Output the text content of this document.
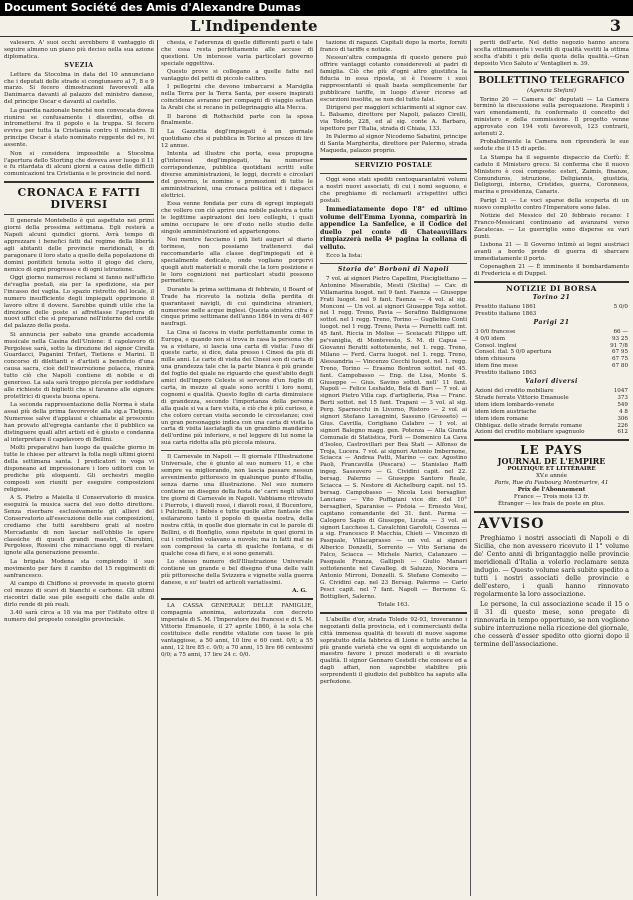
Document Société des Amis d'Alexandre Dumas
L'Indipendente	3

valesero. A' suoi occhi avrebbero il vantaggio di seguire almeno un piano più deciso nella sua azione diplomatica.

SVEZIA

Lettere da Stocolma in data del 10 annunciano che i deputati delle strade si congiunsero al 7, 8 e 9 marzo. Si fecero dimostrazioni favorevoli alla Danimarca davanti al palazzo del ministro danese, del principe Oscar e davanti al castello.

La guardia nazionale benché non convocata dovea riunirsi se confusamente i disordini, offse di intromettersi fra il popolo e la truppa. Si fecero evviva per tutta la Cristiania contro il ministro. Il principe Oscar è stato nominato reggente del re, ivi assente.

Non si considera impossibile a Stocolma l'apertura dello Storting che doveva aver luogo il 11 e fu ritardata di alcuni giorni a causa delle difficili comunicazioni tra Cristiania e le provincie del nord.

CRONACA E FATTI DIVERSI

Il generale Montebello è qui aspettato nei primi giorni della prossima settimana. Egli resterà a Napoli alcuni quindici giorni. Avrà tempo di apprezzare i benefici fatti dal regime della libertà agli abitanti delle provincie meridionali, e di paragonare il loro stato a quello della popolazione di domini pontificii tenuta sotto il giogo del clero, nemico di ogni progresso e di ogni istruzione.

Oggi giorno numerosi reclami si fanno nell'ufficio de'vaglia postali, sia per la spedizione, sia per l'incasso dei vaglia. Lo spazio ristretto del locale, il numero insufficiente degli impiegati opprimono il lavoro oltre il dovere. Sarebbe quindi utile che la direzione delle poste si affrettasse l'apertura di nuovi uffici che si preparano nell'interno del cortile del palazzo della posta.

Si annuncia per sabato una grande accademia musicale nella Casina dell'Unione: il capolavoro di Pergolese sarà, sotto la direzione del signor Cirella Guardacci, Paganini Trifari, Tietiens e Marini. Il concorso di dilettanti e d'artisti a beneficio d'una causa sacra, cioè dell'insurrezione polacca, riunirà tutto ciò che Napoli contiene di nobile e di generoso. La sala sarà troppo piccola per soddisfare alle richieste di biglietti che si faranno alle signore protettrici di questa buona opera.

La seconda rappresentazione della Norma è stata assai più della prima favorevole alla sig.a Tietjens. Numerose salve d'applausi e chiamate al proscenio han provato all'egregia cantante che il pubblico sa distinguere quali altri artisti ed è giusto e condanna al interpretare il capolavoro di Bellini.

Molti preparativi han luogo da qualche giorno in tutte le chiese per attrarvi la folla negli ultimi giorni della settimana santa. I predicatori in voga vi disponeano ad impressionare i loro uditorii con le prediche più eloquenti. Gli orchestri meglio composti son riuniti per eseguire composizioni religiose.

A S. Pietro a Maiella il Conservatorio di musica eseguirà la musica sacra del suo dotto direttore. Senza riserbare esclusivamente gli allievi del Conservatorio all'esecuzione delle sue composizioni, crediamo che tutti sarebbero grati al nostro Mercadante di non lasciar nell'obblio le opere classiche di questi grandi maestri, Cherubini, Pergolese, Rossini che minacciano oggi di restare ignote alla generazione presente.

La brigata Modena sta compiendo il suo movimento per fare il cambio del 15 reggimenti di sanfrancesco.

Al campo di Chiffono si provvede in questo giorni col mezzo di scavi di bianchi e carbone. Gli ultimi riscontri dalle sue pile eseguiti che dalle aule di dirlo rende di più reali.

3.40 sarà circa a 18 via ma per l'istituto oltre il numero del proposto consiglio provinciale.

chesia, e l'aderenza di quelle differenti parti è tale che essa resta perfettamente alle accuse di questioni. Un interesse varia particolari governo speciale oggettiva.

Questo prove si collegano a quelle fatte nel vantaggio del petti di piccolo calibro.

I pellegrini che devono imbarcarsi a Marsiglia nella Terra per la Terra Santa, per essere inspirati coincidenze avranno per compagni di viaggio settan la Arabi che si recano in pellegrinaggio alla Mecca.

Il barone di Rothschild parte con la sposa finalmente.

La Gazzetta degl'impiegati è un giornale quotidiano che si pubblica in Torino al prezzo di lire 12 annue.

Intenta ad illustre che porta, essa propugna gl'interessi degl'impiegati, ha numerose corrispondenze, pubblica quotidiani scritti sulle diverse amministrazioni, le leggi, decreti e circolari del governo, le nomine e promozioni di tutte le amministrazioni, una cronaca politica ed i dispacci elettrici.

Essa venne fondata per cura di egregi impiegati che vollero con ciò aprire una nobile palestra a tutte le legittime aspirazioni dei loro colleghi, i quali amino occupare le ore d'ozio nello studio delle singole amministrazioni ed appartengono.

Noi mentre facciamo i più lieti auguri al diario torinese, non possiamo trattenerci dal raccomandarlo alla classe degl'impiegati ed è specialmente dedicato, onde vogliano porgervi quegli aiuti materiali e morali che la loro posizione e le loro cognizioni nei particolari studii possono permettere.

Durante la prima settimana di febbraio, il Board of Trade ha ricevuto la notizia della perdita di quarantasei navigli, di cui quindicina stranieri, numerose nelle acque inglesi. Questa sinistra cifra è cinque prime settimane dell'anno 1864 in vera di 467 naufragi.

La Cina si faceva in visite perfettamente come in Europa, e quando non si trova in casa la persona che va a visitare, si lascia una carta di visita: l'uso di queste carte, si dice, data presso i Cinesi da più di mille anni. Le carte di visita dei Cinesi son di carta di una grandezza tale che la parte bianca è più grande del foglio del quale ne riguardo che quest'abito degli amici dell'impero Celeste si servono d'un foglio di carta, in mezzo al quale sono scritti i loro nomi, cognomi e qualità. Questo foglio di carta diminuisce di grandezza, secondo l'importanza della persona alla quale si va a fare visita, e ciò che è più curioso, è che coloro cercan visita secondo le circostanze; così un gran personaggio indica con una carta di visita la carta di visita lasciatagli da un grandino mandarino dell'ordine più inferiore, e nel leggere di lui nome la sua carta ridotta alla più piccola misura.

Il Carnevale in Napoli — Il giornale l'Illustrazione Universale, che è giunto al suo numero 11, e che sempre va migliorando, non lascia passare nessun avvenimento pittoresco in qualunque punto d'Italia, senza darne una illustrazione. Nel suo numero contiene un disegno della festa de' carri negli ultimi tre giorni di Carnevale in Napoli. Vabbiamo ritrovato i Pierrots, i diavoli rossi, i diavoli rossi, il Bucentoro, i Pulcinelli, i Bébés e tutte quelle altre fantasie che esilararono tanto il popolo di questa nostra, della nostra città, in quelle due giornate in cui le parole di Bellini, o di Bonfiglio, sono ripetute in quei giorni in cui i corbellini volavano a nuvole; ma in fatti mal ne son compressi la carta di qualche fontana, e di qualche cosa di fare, e si sono generati.

Lo stesso numero dell'Illustrazione Universale contiene un grande e bel disegno d'una delle valli più pittoresche della Svizzera e vignette sulla guerra danese, e su' teatri ed articoli variatissimi.

A. G.

LA CASSA GENERALE DELLE FAMIGLIE, compagnia anonima, autorizzata con decreto imperiale di S. M. l'Imperatore dei francesi e di S. M. Vittorio Emanuele, il 27 aprile 1860, è la sola che costituisce delle rendite vitalizie con tasse le più vantaggiose, a 50 anni, 10 lire e 60 cent. 0/0; a 55 anni, 12 lire 85 c. 0/0; a 70 anni, 15 lire 66 centesimi 0/0; a 75 anni, 17 lire 24 c. 0/0.

tazione di ragazzi. Capitali dopo la morte, forniti franco di tariffe e notizie.

Nessun'altra compagnia di questo genere può offrire vantaggi cotanto considerevoli ai padri di famiglia. Ciò che più d'ogni altro giustifica la fiducia in essa riposta, si è l'essere i suoi rappresentanti sì quali basta semplicemente far pubblicare tariffe, in luogo d'aver ricorso ad escurzioni insolite, se non del tutto falsi.

Dirigersi per maggiori schiarimenti al signor cav. L. Balsamo, direttore per Napoli, palazzo Cirelli, via Toledo, 228, ed al sig. conte A. Barbaro, ispettore per l'Italia, strada di Chiaia, 133.

In Palermo al signor Nicodemo Sabatini, principe di Santa Margherita, direttore per Palermo, strada Maqueda, palazzo proprio.

SERVIZIO POSTALE

Oggi sono stati spediti centoquarantatré volumi a nostri nuovi associati, di cui i nomi seguono, e che preghiamo di reclamarli a'rispettivi uffici postali.

Immediatamente dopo l'8° ed ultimo volume dell'Emma Lyonna, comparirà in appendice La Sanfelice, e il Codice del duello pel conte di Chateauvillars rimpiazzerà nella 4ª pagina la collana di velluto.

Ecco la lista:

Storia de' Borboni di Napoli

7 vol. ai signori Pietro Capellini, Piscigliettano — Antonino Miserabile, Mesti (Sicilia) — Cav. di Villamarina luogot. nel 9 fant. Faenza — Giuseppe Frati luogot. nel 9 fant. Faenza — 4 vol. al sig. Monconi — Un vol. ai signori Giuseppe Toja sottot. nel 1 regg. Treno, Pavia — Serafino Baldignuone sottot. nel 1 regg. Treno, Torino — Guglielmo Conti luogot. nel 1 regg. Treno, Pavia — Pernetti caff. int. 45 fant. Riccia in Molise — Sceiacati Filippo uff. pe'vaniglia, di Montevesto, S. M. di Capua — Giovanni Beratti sottotenente, nel 1. regg. Treno, Milano — Ferd. Carra luogot. nel 1. regg. Treno, Alessandria — Vincenzo Cecchi luogot. nel 1. regg. Treno, Torino — Erasmo Bontron sottot. nel 45. fant. Campobasso — Eng. de Lisa, Monte S. Giuseppe — Gius. Savino sottot. nell' 11 fant. Napoli — Felice Leshaldo, Bela di Bari — 7 vol. ai signori Pietro Villa cap. d'artiglieria, Pisa — Franc. Berti sottot. nel 15 fant. Trapani — 3 vol. al sig. Perg. Sparnocchi in Livorno, Ristoro — 2 vol. ai signori Stefano Lavagnini, Sassuno (Grosseto) — Gius. Cavrilla, Corigliano Calabro — 1 vol. ai signori Balegno magg. gen. Potenza — Alla Giunta Comunale di Statistica, Forlì — Domenico La Cava d'Isoleo, Castrovillari per Bea Stati — Alfonso de Troja, Lucera. 7 vol. ai signori Antonio Imbernone, Sciacca — Andrea Patti, Marino — cav. Agostino Paoli, Francavilla (Pescara) — Stanislao Raffi ingeg. Sassuvero — G. Cividini capit. nel 22. bersag. Palermo — Giuseppe Santoro Reale, Sciacca — S. Nestore di Aichelburg capit. nel 15. bersag. Campobasso — Nicola Lesi bersaglier. Lanciano — Vito Puffigiani vice dir. del 10° bersaglieri, Sparanise — Pistoia — Ernesto Vesi, capitano comandante del 31. fant. Parma — Calogero Sapio di Giuseppe, Licata — 3 vol. ai signori Lucchese L. Cavalchini Garofoli, Cosenza — a sig. Francesco P. Macchia, Chieti — Vincenzo di Pasquale, Villacaprasso — un vol. ai signori Alberico Donzelli, Sorrento — Vito Seriana de Falco, Sciacca — Michele Narici, Catanzaro — Pasquale Franza, Gallipoli — Giulio Manari sottotenente nel Cavalleg. di Saluzzo, Nocera — Antonio Mirroni, Donzelli. S. Stefano Comesito — G. Cividini cap. nel 23 Bersag. Palermo — Carlo Pesci capit. nel 7 fant. Napoli — Bernone G. Bottiglieri, Salerno.

Totale 163.

L'abeille d'or, strada Toledo 92-93, troveranno i negozianti della provincia, ed i commercianti della città immensa qualità di tessuti di nuove sagome sopratutto della fabbrica di Lione e tutte anche la più grande varietà che va ogni di acquistando un maestro favore i prezzi moderati e di svariato qualità. Il signor Gennaro Cestelli che conosce ed a dagli affari, non saprebbe stabilire più sorprendenti il giudizio del pubblico ha saputo alla perfezione.

periti dell'arte. Nel detto negozio hanno ancora scelta ottimamente i vestiti di qualità vestiti la ottima scelta d'abiti i più della quota della qualità.—Gran deposito Vico Saluto a' Ventaglieri n. 39.

BOLLETTINO TELEGRAFICO
(Agenzia Stefani)

Torino 20 — Camera de' deputati — La Camera terminò la discussione sulla perequazione. Respinti i vari emendamenti, fu confermato il concetto del ministero e della commissione. Il progetto venne approvato con 194 voti favorevoli, 123 contrarii, astenuti 2.

Probabilmente la Camera non riprenderà le sue sedute che il 15 di aprile.

La Stampa ha il seguente dispaccio da Corfù: È caduto il Ministero greco. Si conferma che il nuovo Ministero è così composto: esteri, Zaimis, finanze, Comunduros, istruzione, Deligiannis, giustizia, Deligiorgi, interno, Cristides, guerra, Coronneos, marina e presidenza, Canaris.

Parigi 21 — Le voci sparse della scoperta di un nuovo complotto contro l'Imperatore sono false.

Notizie del Messico del 20 febbraio recano: I Franco-Messicani continuano ad avanzarsi verso Zacatecas. — Le guerriglie sono disperse su vari punti.

Lisbona 21 — Il Governo intimò ai legni austriaci avanti a bordo prede di guerra di sbarcare immediatamente il porto.

Copenaghen 21 — È imminente il bombardamento di Fredericia e di Duppel.

NOTIZIE DI BORSA
Torino 21
Prestito italiano 1861	5 0/0
Prestito italiano 1863	
Parigi 21
3 0/0 francese	66 —
4 0/0 idem	93 25
Consol. inglesi	91 7/8
Consol. ital. 5 0/0 apertura	67 95
idem chiusura	67 75
idem fine mese	67 80
Prestito italiano 1863	
Valori diversi
Azioni del credito mobiliare	1047
Strade ferrate Vittorio Emanuele	373
idem idem lombardo-venete	549
idem idem austriache	4 8
idem idem romane	306
Obbligaz. delle strade ferrate romane	226
Azioni del credito mobiliare spagnuolo	612
LE PAYS
JOURNAL DE L'EMPIRE
POLITIQUE ET LITTÉRAIRE
XV.e année
Paris, Rue du Faubourg Montmartre, 41
Prix de l'Abonnement
France — Trois mois 13 fr.
Étranger — les frais de poste en plus.
AVVISO

Preghiamo i nostri associati di Napoli e di Sicilia, che non avessero ricevuto il 1° volume de' Cento anni di brigantaggio nelle provincie meridionali d'Italia a volerlo reclamare senza indugio. — Questo volume sarà subito spedito a tutti i nostri associati delle provincie e dell'estero, i quali hanno rinnovato regolarmente la loro associazione.

Le persone, la cui associazione scade il 15 o il 31 di questo mese, sono pregate di rinnovarla in tempo opportuno, se non vogliono subire interruzione nella ricezione del giornale, che cesserà d'esser spedito otto giorni dopo il termine dell'associazione.
